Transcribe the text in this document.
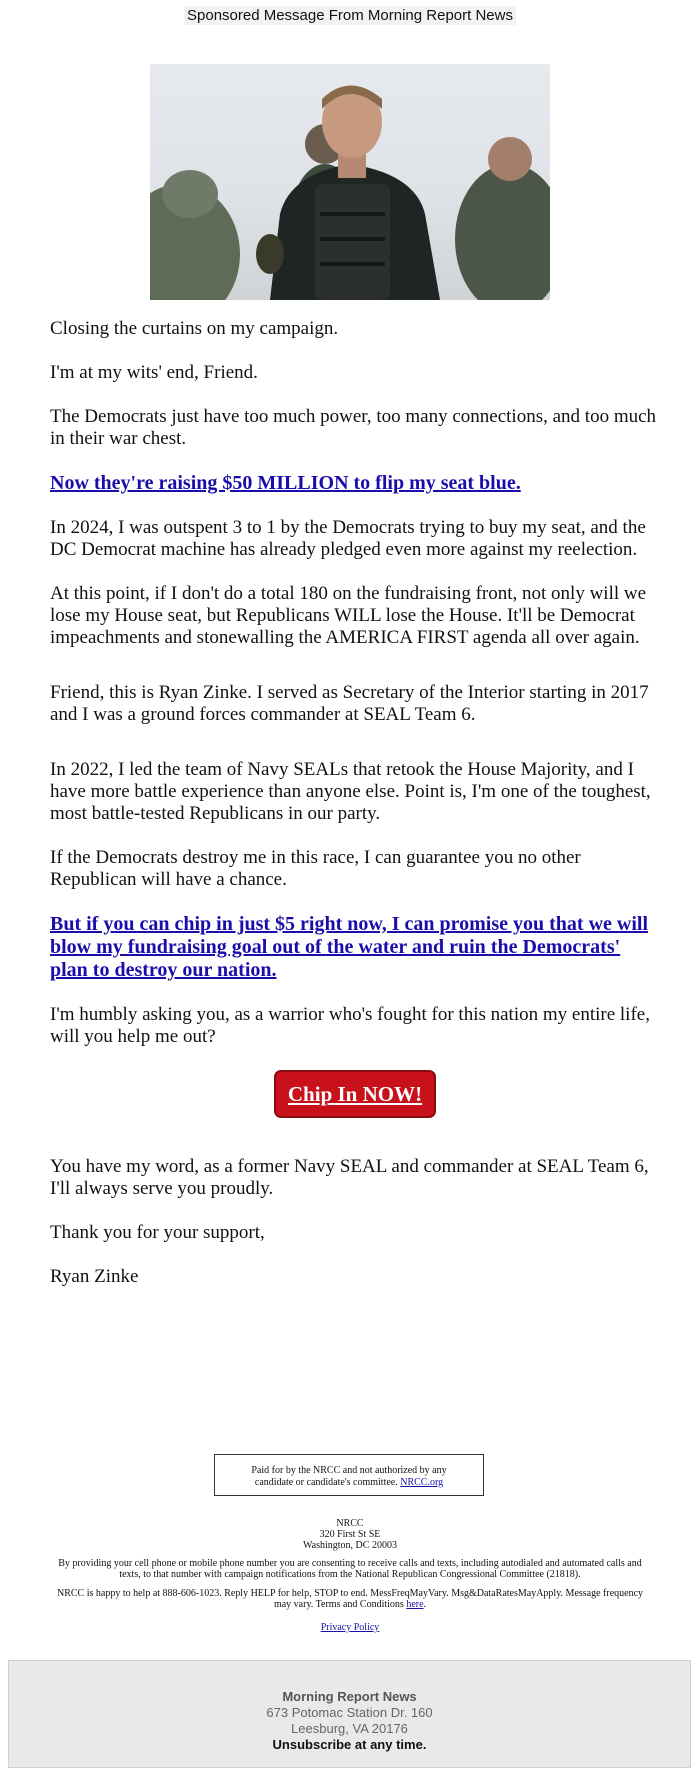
Sponsored Message From Morning Report News

Closing the curtains on my campaign.

I'm at my wits' end, Friend.

The Democrats just have too much power, too many connections, and too much in their war chest.

Now they're raising $50 MILLION to flip my seat blue.

In 2024, I was outspent 3 to 1 by the Democrats trying to buy my seat, and the DC Democrat machine has already pledged even more against my reelection.

At this point, if I don't do a total 180 on the fundraising front, not only will we lose my House seat, but Republicans WILL lose the House. It'll be Democrat impeachments and stonewalling the AMERICA FIRST agenda all over again.

Friend, this is Ryan Zinke. I served as Secretary of the Interior starting in 2017 and I was a ground forces commander at SEAL Team 6.

In 2022, I led the team of Navy SEALs that retook the House Majority, and I have more battle experience than anyone else. Point is, I'm one of the toughest, most battle-tested Republicans in our party.

If the Democrats destroy me in this race, I can guarantee you no other Republican will have a chance.

But if you can chip in just $5 right now, I can promise you that we will blow my fundraising goal out of the water and ruin the Democrats' plan to destroy our nation.

I'm humbly asking you, as a warrior who's fought for this nation my entire life, will you help me out?

Chip In NOW!

You have my word, as a former Navy SEAL and commander at SEAL Team 6, I'll always serve you proudly.

Thank you for your support,

Ryan Zinke

Paid for by the NRCC and not authorized by any
candidate or candidate's committee. NRCC.org
NRCC
320 First St SE
Washington, DC 20003
By providing your cell phone or mobile phone number you are consenting to receive calls and texts, including autodialed and automated calls and texts, to that number with campaign notifications from the National Republican Congressional Committee (21818).
NRCC is happy to help at 888-606-1023. Reply HELP for help, STOP to end. MessFreqMayVary. Msg&DataRatesMayApply. Message frequency may vary. Terms and Conditions here.
Privacy Policy
Morning Report News
673 Potomac Station Dr. 160
Leesburg, VA 20176
Unsubscribe at any time.
